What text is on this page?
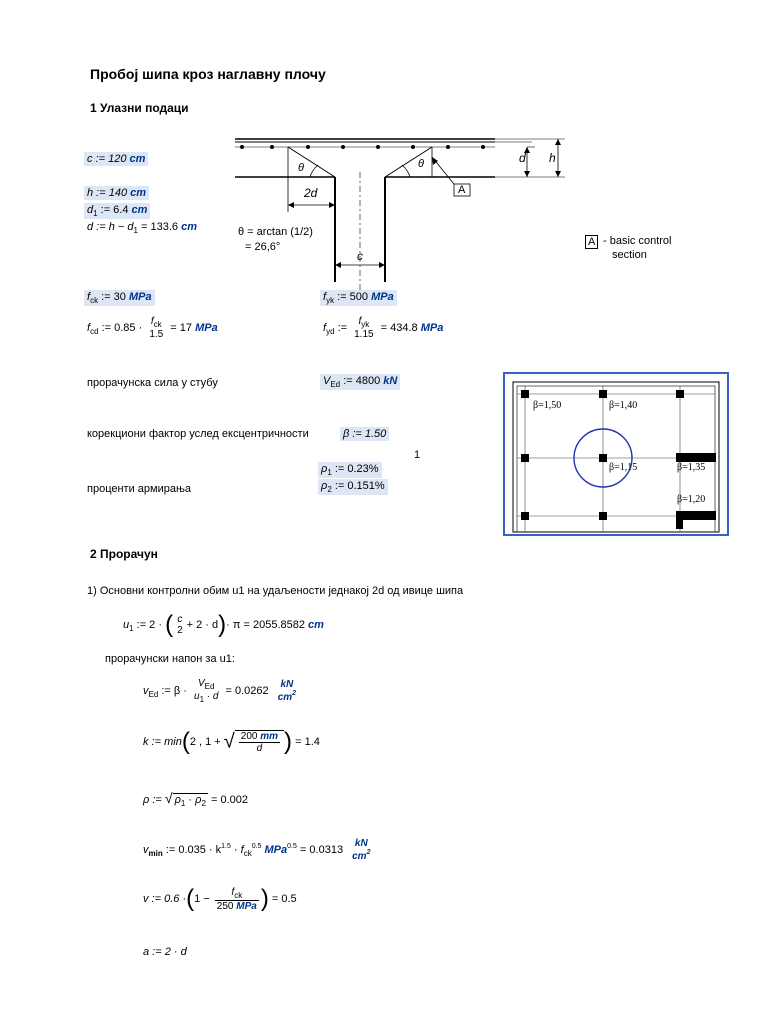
Пробој шипа кроз наглавну плочу
1 Улазни подаци
d h
2d
c
θ	θ
A
θ = arctan (1/2)
= 26,6°	A - basic control
section
c := 120 cm
h := 140 cm
$d_1$ := 6.4 cm
d := $h - d_1 = 133.6$ cm
$f_{ck}$ := 30 MPa	$f_{yk}$ := 500 MPa
$f_{cd}$ := 0.85 ·
$f_{ck}$
1.5
= 17 MPa	$f_{yd}$ :=
$f_{yk}$
1.15
= 434.8 MPa
прорачунска сила у стубу	$V_{Ed}$ := 4800 kN
корекциони фактор услед ексцентричности	β := 1.50
1
$\rho_1$ := 0.23%
проценти армирања	$\rho_2$ := 0.151%
β=1,50	β=1,40
β=1,15	β=1,35
β=1,20
2 Прорачун
1) Основни контролни обим u1 на удаљености једнакој 2d од ивице шипа
$u_1$ := 2 · ( c
2 + 2 · d)· π = 2055.8582 cm
прорачунски напон за u1:
$v_{Ed}$ := β ·
$V_{Ed}$
$u_1 \cdot d = 0.0262$
kN
$cm^2$
k := min(2 , 1 + √ $\frac{200 mm}{d}$ ) = 1.4
ρ := √ $\rho_1 \cdot \rho_2 = 0.002$
$v_{min}$ := $0.035 \cdot k^{1.5} \cdot f_{ck}^{0.5}$ MPa$^{0.5}$ = 0.0313
kN
$cm^2$
v := $0.6 \cdot(1 - \frac{f_{ck}}{\text{250 MPa}}$ ) = 0.5
a := 2 · d
